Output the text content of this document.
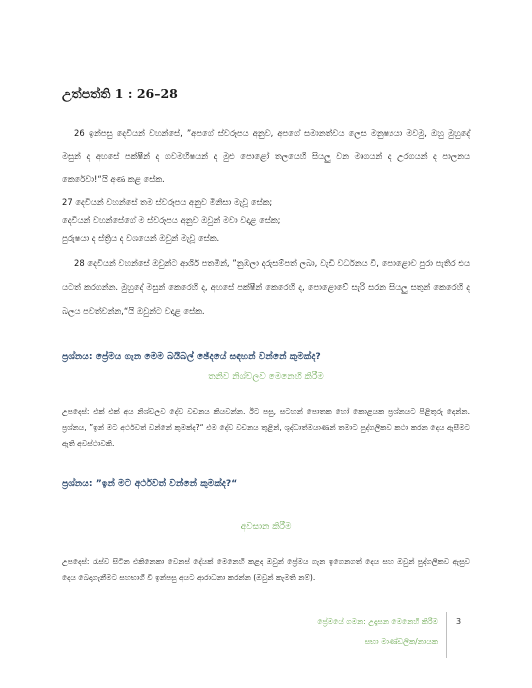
උත්පත්ති 1 : 26–28

26 ඉන්පසු දෙවියන් වහන්සේ, ”අපගේ ස්වරූපය අනුව, අපගේ සමානත්වය ලෙස මනුෂ්‍යයා මවමු, ඔහු මුහුදේ මසුන් ද අහසේ පක්ෂීන් ද ගවමහිෂයන් ද මුළු පොළෝ තලයෙහි සියලු වන මෘගයන් ද උරගයන් ද පාලනය කෙරේවා!“යි අණ කළ සේක.

27 දෙවියන් වහන්සේ තම ස්වරූපය අනුව මිනිසා මැවූ සේක;

දෙවියන් වහන්සේගේ ම ස්වරූපය අනුව ඔවුන් මවා වදාළ සේක;

පුරුෂයා ද ස්ත්‍රිය ද වශයෙන් ඔවුන් මැවූ සේක.

28 දෙවියන් වහන්සේ ඔවුන්ට ආශිර් පතමින්, ”නුඹලා දරුසම්පත් ලබා, වැඩි වර්ධනය වී, පොළොව පුරා පැතිර එය යටත් කරගන්න. මුහුදේ මසුන් කෙරෙහි ද, අහසේ පක්ෂීන් කෙරෙහි ද, පොළොවේ සැරි සරන සියලු සතුන් කෙරෙහි ද බලය පවත්වන්න,“යි ඔවුන්ට වදාළ සේක.

ප්‍රශ්නය: ප්‍රේමය ගැන මෙම බයිබල් ඡේදයේ සඳහන් වන්නේ කුමක්ද?
තනිව නිශ්චලව මෙනෙහි කිරීම
උපදෙස්: එක් එක් අය නිශ්චලව දේව වචනය කියවන්න. ඊට පසු, සටහන් පොතක හෝ කොළයක ප්‍රශ්නයට පිළිතුරු දෙන්න. ප්‍රශ්නය, ”ඉන් මට අර්ථවත් වන්නේ කුමක්ද?“ එම දේව වචනය තුළින්, ශුද්ධාත්මයාණන් තමාට පුද්ගලිකව කථා කරන දෙය ඇසීමට ඇති අවස්ථාවකි.
ප්‍රශ්නය: ”ඉන් මට අර්ථවත් වන්නේ කුමක්ද?“
අවසාන කිරීම
උපදෙස්: රැස්ව සිටින එකිනෙකා වෙනස් දේයක් මෙනෙහි කළද ඔවුන් ප්‍රේමය ගැන ඉගෙනගත් දෙය සහ ඔවුන් පුද්ගලිකව ඇසුව දෙය බෙදාගැනීමට සහභාගී වී ඉන්පසු අයට ආරාධනා කරන්න (ඔවුන් කැමති නම්).
ප්‍රේමයේ ගමන: උදෑසන මෙනෙහි කිරීම
සභා මාණ්ඩලික/නායක
3
